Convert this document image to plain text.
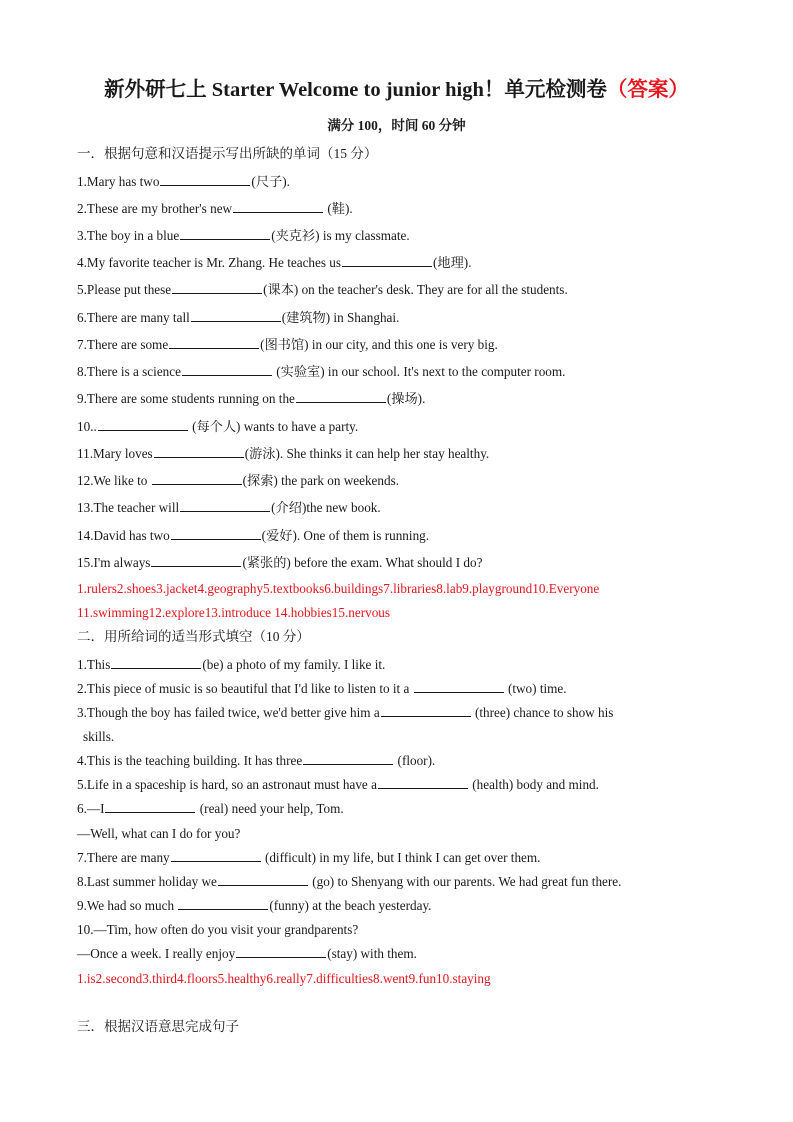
新外研七上 Starter Welcome to junior high！单元检测卷（答案）
满分 100，时间 60 分钟
一．根据句意和汉语提示写出所缺的单词（15 分）
1.Mary has two	(尺子).
2.These are my brother's new	(鞋).
3.The boy in a blue	(夹克衫) is my classmate.
4.My favorite teacher is Mr. Zhang. He teaches us	(地理).
5.Please put these	(课本) on the teacher's desk. They are for all the students.
6.There are many tall	(建筑物) in Shanghai.
7.There are some	(图书馆) in our city, and this one is very big.
8.There is a science	(实验室) in our school. It's next to the computer room.
9.There are some students running on the	(操场).
10..	(每个人) wants to have a party.
11.Mary loves	(游泳). She thinks it can help her stay healthy.
12.We like to	(探索) the park on weekends.
13.The teacher will	(介绍)the new book.
14.David has two	(爱好). One of them is running.
15.I'm always	(紧张的) before the exam. What should I do?
1.rulers2.shoes3.jacket4.geography5.textbooks6.buildings7.libraries8.lab9.playground10.Everyone
11.swimming12.explore13.introduce 14.hobbies15.nervous
二．用所给词的适当形式填空（10 分）
1.This	(be) a photo of my family. I like it.
2.This piece of music is so beautiful that I'd like to listen to it a	(two) time.
3.Though the boy has failed twice, we'd better give him a	(three) chance to show his
skills.
4.This is the teaching building. It has three	(floor).
5.Life in a spaceship is hard, so an astronaut must have a	(health) body and mind.
6.—I	(real) need your help, Tom.
—Well, what can I do for you?
7.There are many	(difficult) in my life, but I think I can get over them.
8.Last summer holiday we	(go) to Shenyang with our parents. We had great fun there.
9.We had so much	(funny) at the beach yesterday.
10.—Tim, how often do you visit your grandparents?
—Once a week. I really enjoy	(stay) with them.
1.is2.second3.third4.floors5.healthy6.really7.difficulties8.went9.fun10.staying
三．根据汉语意思完成句子
